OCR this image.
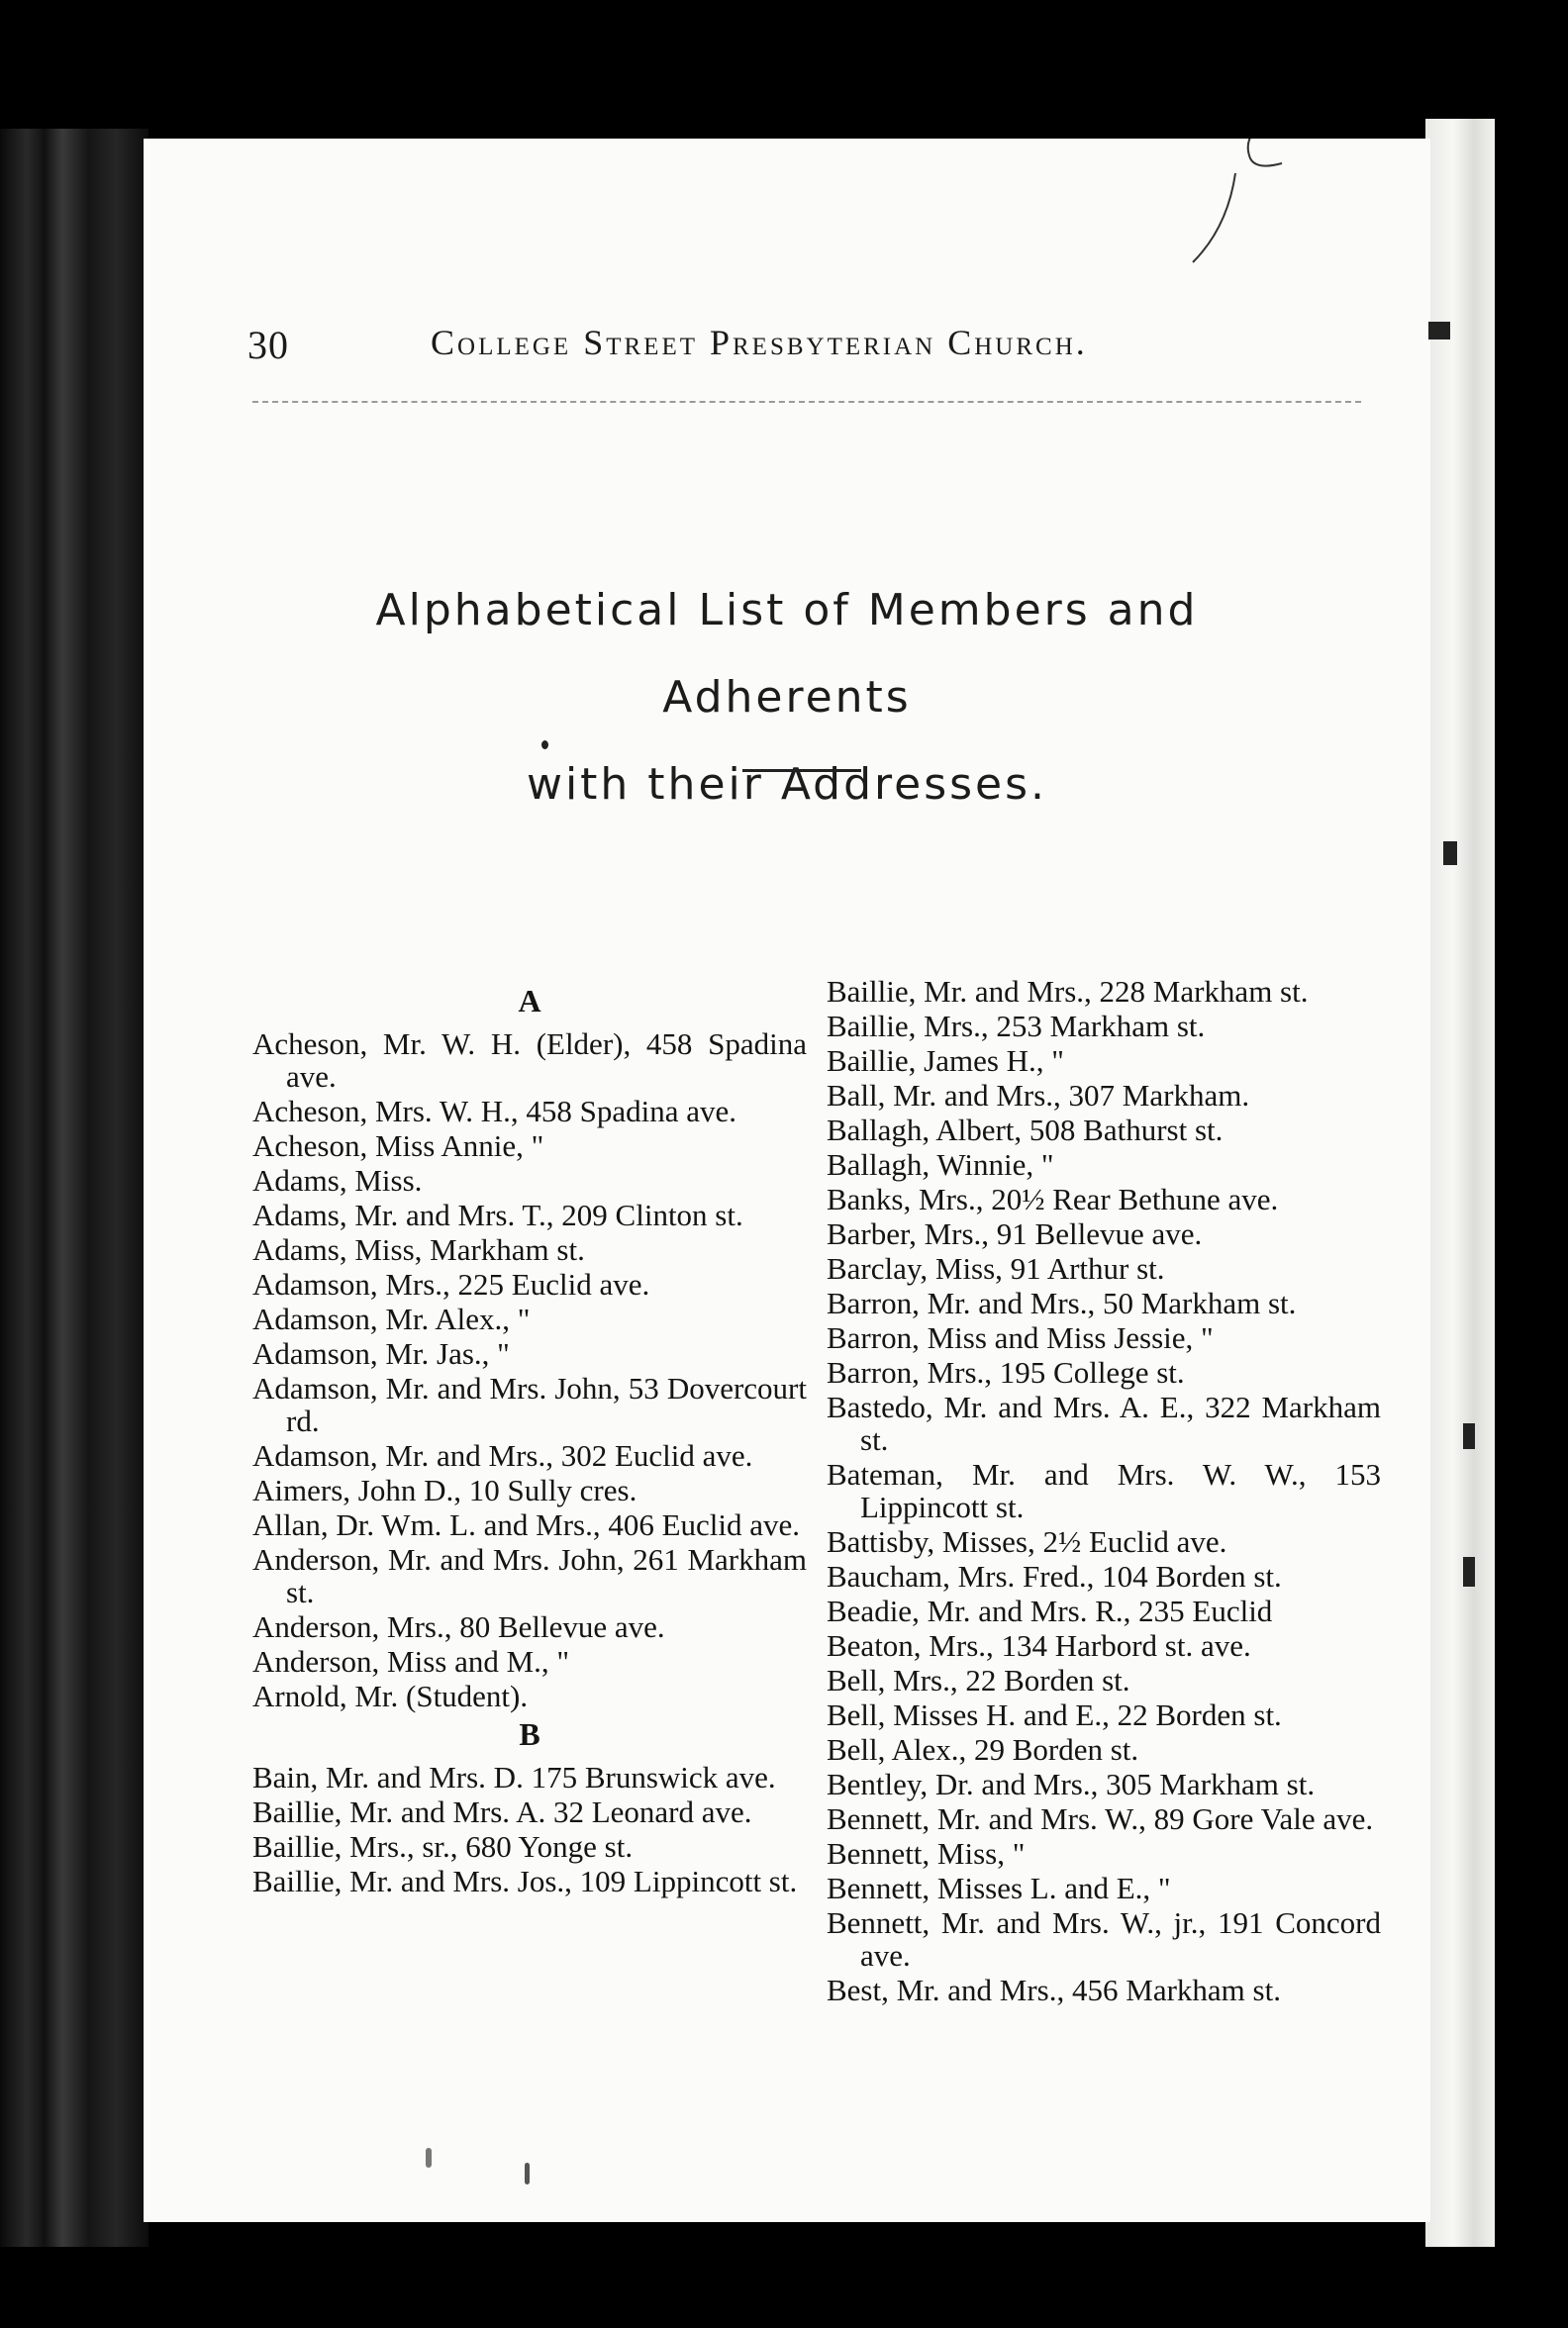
30	College Street Presbyterian Church.
Alphabetical List of Members and Adherents
with their Addresses.
A
Acheson, Mr. W. H. (Elder), 458 Spadina ave.
Acheson, Mrs. W. H., 458 Spadina ave.
Acheson, Miss Annie, "
Adams, Miss.
Adams, Mr. and Mrs. T., 209 Clinton st.
Adams, Miss, Markham st.
Adamson, Mrs., 225 Euclid ave.
Adamson, Mr. Alex., "
Adamson, Mr. Jas., "
Adamson, Mr. and Mrs. John, 53 Dovercourt rd.
Adamson, Mr. and Mrs., 302 Euclid ave.
Aimers, John D., 10 Sully cres.
Allan, Dr. Wm. L. and Mrs., 406 Euclid ave.
Anderson, Mr. and Mrs. John, 261 Markham st.
Anderson, Mrs., 80 Bellevue ave.
Anderson, Miss and M., "
Arnold, Mr. (Student).
B
Bain, Mr. and Mrs. D. 175 Brunswick ave.
Baillie, Mr. and Mrs. A. 32 Leonard ave.
Baillie, Mrs., sr., 680 Yonge st.
Baillie, Mr. and Mrs. Jos., 109 Lippincott st.
Baillie, Mr. and Mrs., 228 Markham st.
Baillie, Mrs., 253 Markham st.
Baillie, James H., "
Ball, Mr. and Mrs., 307 Markham.
Ballagh, Albert, 508 Bathurst st.
Ballagh, Winnie, "
Banks, Mrs., 20½ Rear Bethune ave.
Barber, Mrs., 91 Bellevue ave.
Barclay, Miss, 91 Arthur st.
Barron, Mr. and Mrs., 50 Markham st.
Barron, Miss and Miss Jessie, "
Barron, Mrs., 195 College st.
Bastedo, Mr. and Mrs. A. E., 322 Markham st.
Bateman, Mr. and Mrs. W. W., 153 Lippincott st.
Battisby, Misses, 2½ Euclid ave.
Baucham, Mrs. Fred., 104 Borden st.
Beadie, Mr. and Mrs. R., 235 Euclid
Beaton, Mrs., 134 Harbord st. ave.
Bell, Mrs., 22 Borden st.
Bell, Misses H. and E., 22 Borden st.
Bell, Alex., 29 Borden st.
Bentley, Dr. and Mrs., 305 Markham st.
Bennett, Mr. and Mrs. W., 89 Gore Vale ave.
Bennett, Miss, "
Bennett, Misses L. and E., "
Bennett, Mr. and Mrs. W., jr., 191 Concord ave.
Best, Mr. and Mrs., 456 Markham st.
